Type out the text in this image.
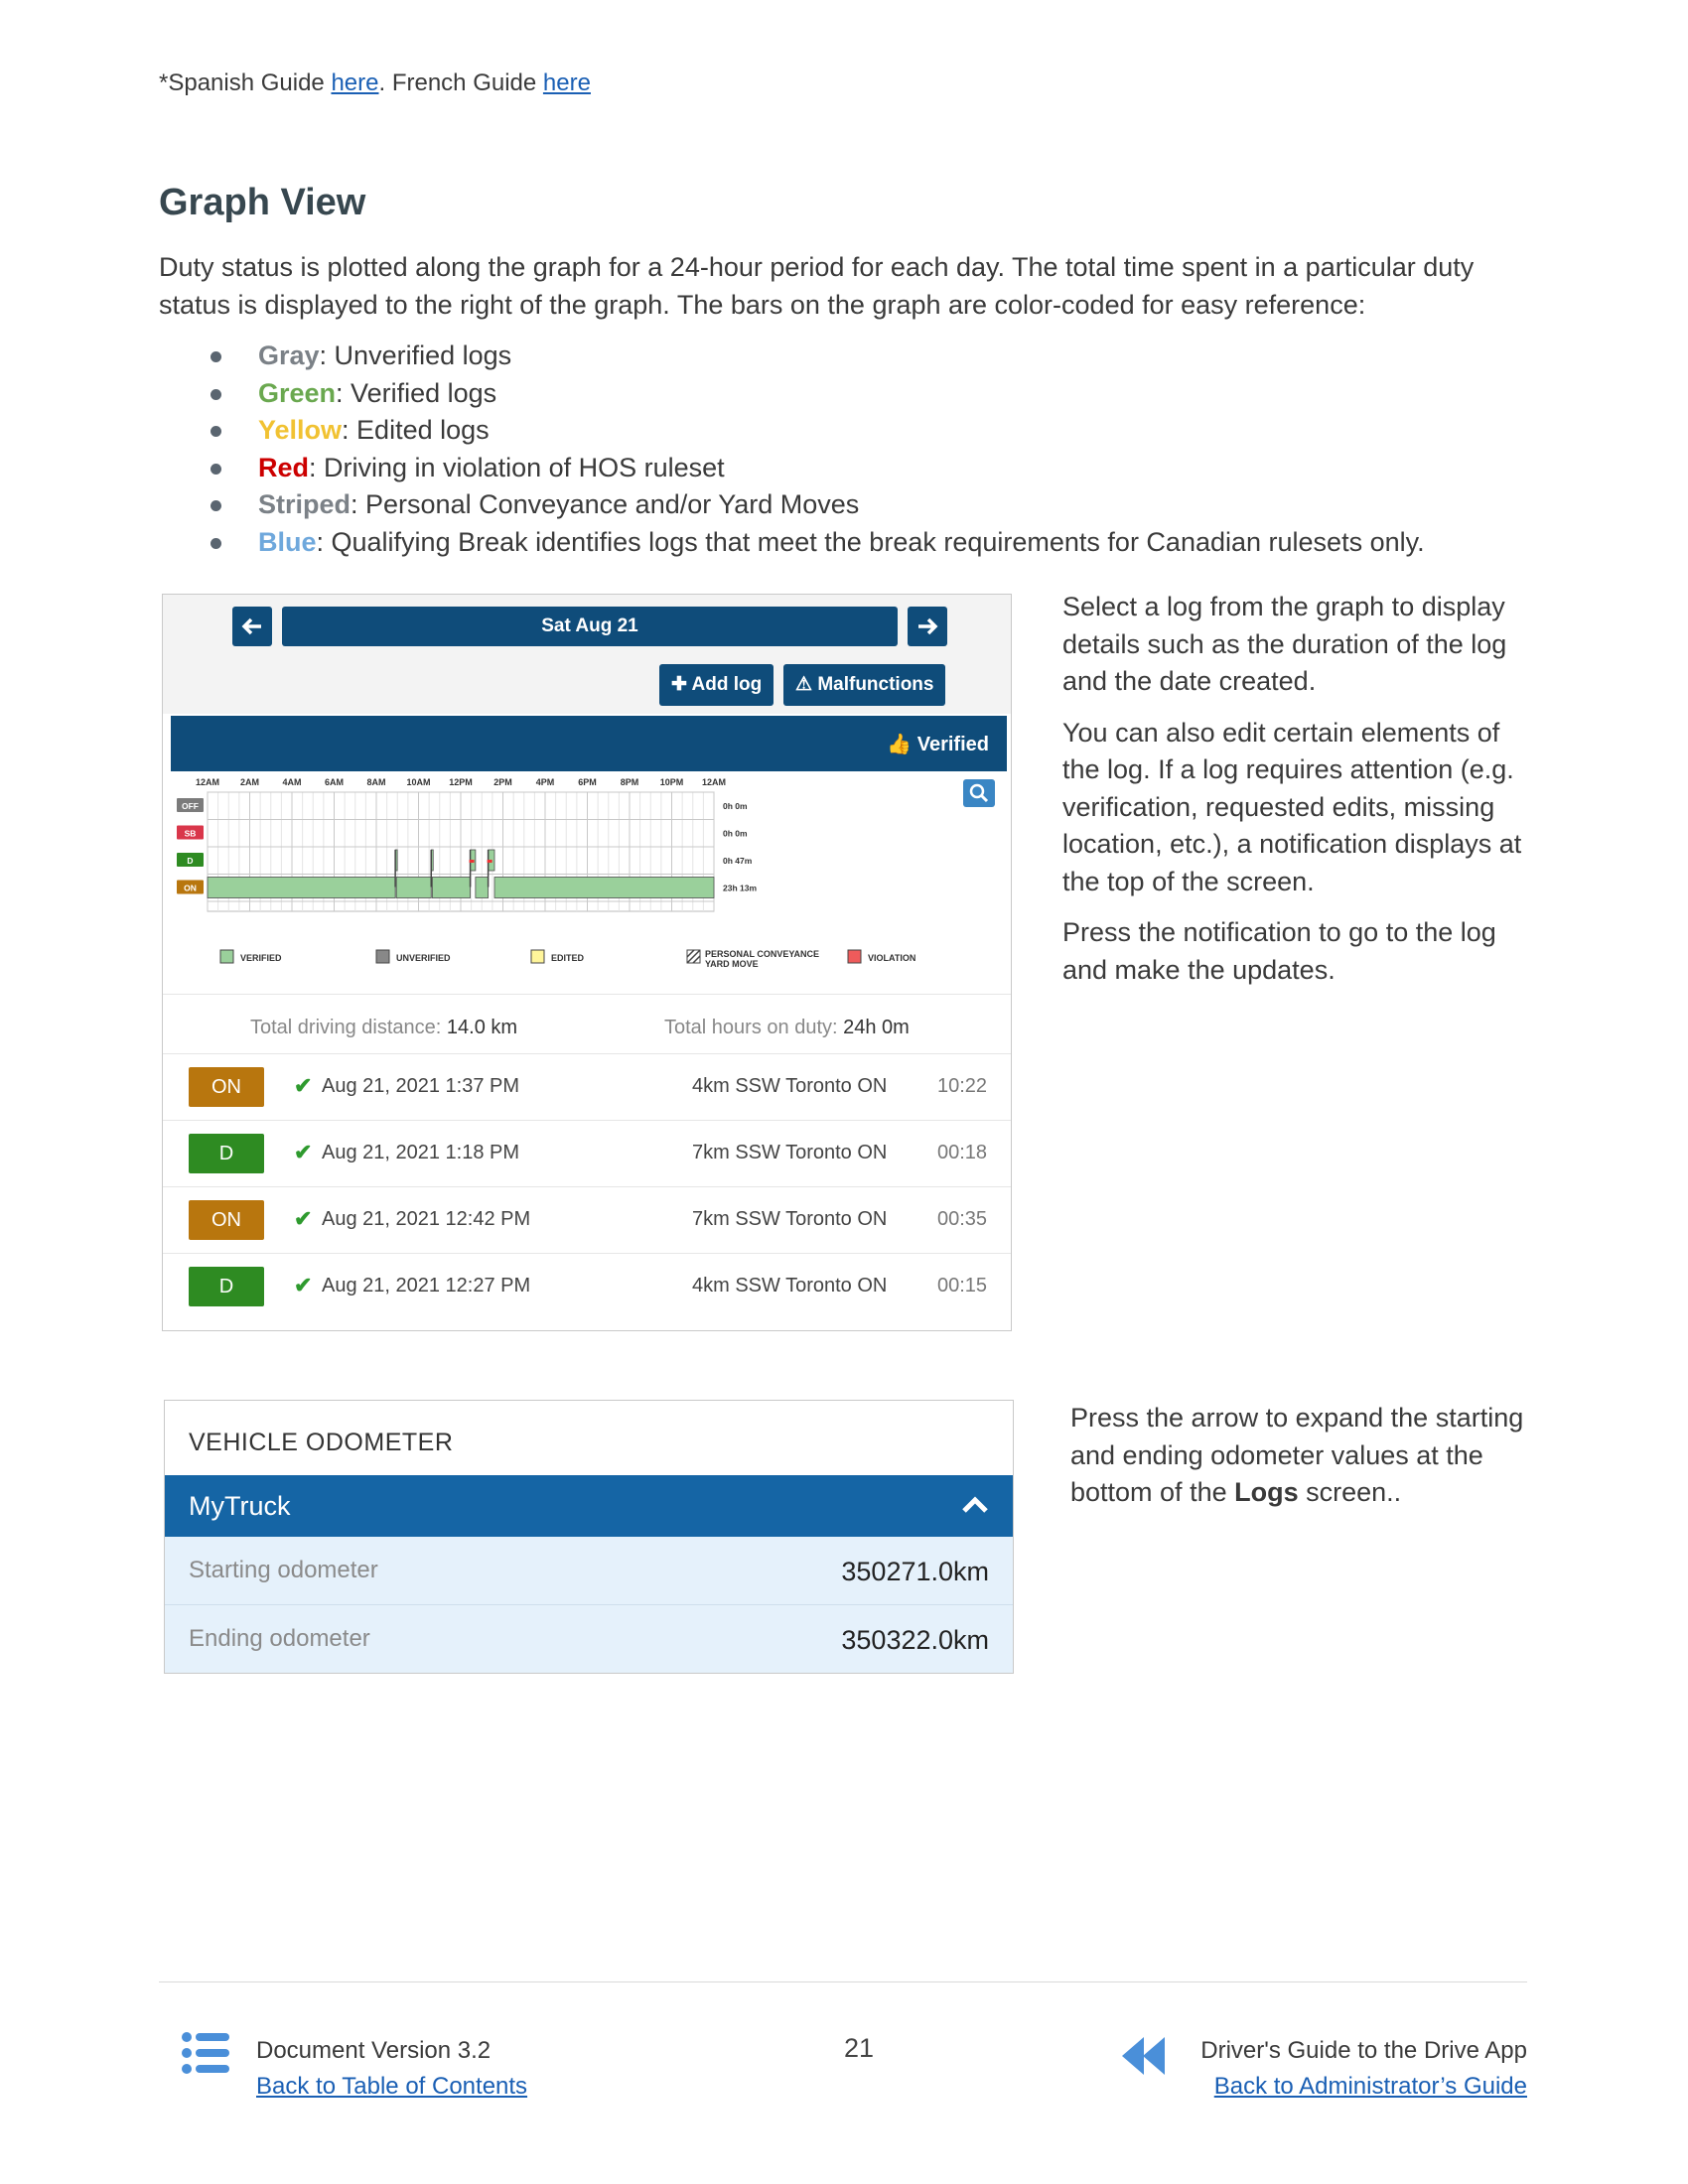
*Spanish Guide here. French Guide here
Graph View
Duty status is plotted along the graph for a 24-hour period for each day. The total time spent in a particular duty status is displayed to the right of the graph. The bars on the graph are color-coded for easy reference:
Gray: Unverified logs
Green: Verified logs
Yellow: Edited logs
Red: Driving in violation of HOS ruleset
Striped: Personal Conveyance and/or Yard Moves
Blue: Qualifying Break identifies logs that meet the break requirements for Canadian rulesets only.
Sat Aug 21
✚ Add log	⚠ Malfunctions
👍 Verified
12AM 2AM	4AM	6AM	8AM 10AM 12PM 2PM	4PM	6PM	8PM 10PM 12AM
OFF
SB
D
ON
0h 0m
0h 0m
0h 47m
23h 13m
VERIFIED	UNVERIFIED	EDITED	PERSONAL CONVEYANCE
YARD MOVE
VIOLATION
Total driving distance: 14.0 km	Total hours on duty: 24h 0m
ON	✔ Aug 21, 2021 1:37 PM	4km SSW Toronto ON	10:22
D	✔ Aug 21, 2021 1:18 PM	7km SSW Toronto ON	00:18
ON	✔ Aug 21, 2021 12:42 PM	7km SSW Toronto ON	00:35
D	✔ Aug 21, 2021 12:27 PM	4km SSW Toronto ON	00:15

Select a log from the graph to display details such as the duration of the log and the date created.

You can also edit certain elements of the log. If a log requires attention (e.g. verification, requested edits, missing location, etc.), a notification displays at the top of the screen.

Press the notification to go to the log and make the updates.

VEHICLE ODOMETER
MyTruck
Starting odometer	350271.0km
Ending odometer	350322.0km
Press the arrow to expand the starting and ending odometer values at the bottom of the Logs screen..
Document Version 3.2
Back to Table of Contents
21	Driver's Guide to the Drive App
Back to Administrator’s Guide
